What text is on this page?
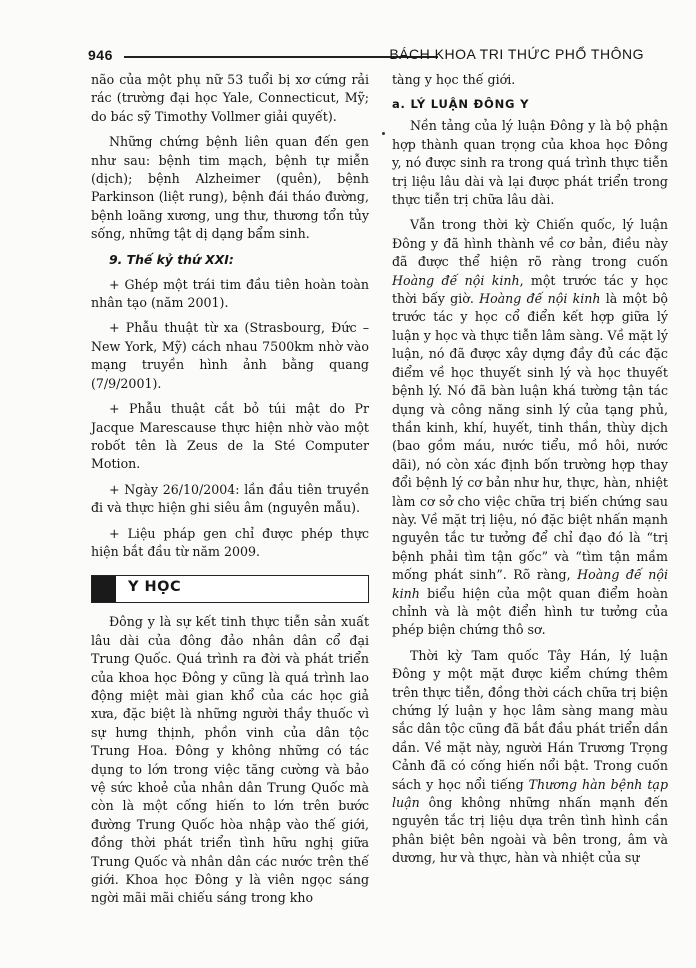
946	BÁCH KHOA TRI THỨC PHỔ THÔNG

não của một phụ nữ 53 tuổi bị xơ cứng rải rác (trường đại học Yale, Connecticut, Mỹ; do bác sỹ Timothy Vollmer giải quyết).

Những chứng bệnh liên quan đến gen như sau: bệnh tim mạch, bệnh tự miễn (dịch); bệnh Alzheimer (quên), bệnh Parkinson (liệt rung), bệnh đái tháo đường, bệnh loãng xương, ung thư, thương tổn tủy sống, những tật dị dạng bẩm sinh.

9. Thế kỷ thứ XXI:

+ Ghép một trái tim đầu tiên hoàn toàn nhân tạo (năm 2001).

+ Phẫu thuật từ xa (Strasbourg, Đức – New York, Mỹ) cách nhau 7500km nhờ vào mạng truyền hình ảnh bằng quang (7/9/2001).

+ Phẫu thuật cắt bỏ túi mật do Pr Jacque Marescause thực hiện nhờ vào một robốt tên là Zeus de la Sté Computer Motion.

+ Ngày 26/10/2004: lần đầu tiên truyền đi và thực hiện ghi siêu âm (nguyên mẫu).

+ Liệu pháp gen chỉ được phép thực hiện bắt đầu từ năm 2009.

Y HỌC

Đông y là sự kết tinh thực tiễn sản xuất lâu dài của đông đảo nhân dân cổ đại Trung Quốc. Quá trình ra đời và phát triển của khoa học Đông y cũng là quá trình lao động miệt mài gian khổ của các học giả xưa, đặc biệt là những người thầy thuốc vì sự hưng thịnh, phồn vinh của dân tộc Trung Hoa. Đông y không những có tác dụng to lớn trong việc tăng cường và bảo vệ sức khoẻ của nhân dân Trung Quốc mà còn là một cống hiến to lớn trên bước đường Trung Quốc hòa nhập vào thế giới, đồng thời phát triển tình hữu nghị giữa Trung Quốc và nhân dân các nước trên thế giới. Khoa học Đông y là viên ngọc sáng ngời mãi mãi chiếu sáng trong kho

tàng y học thế giới.

a. LÝ LUẬN ĐÔNG Y

Nền tảng của lý luận Đông y là bộ phận hợp thành quan trọng của khoa học Đông y, nó được sinh ra trong quá trình thực tiễn trị liệu lâu dài và lại được phát triển trong thực tiễn trị chữa lâu dài.

Vẫn trong thời kỳ Chiến quốc, lý luận Đông y đã hình thành về cơ bản, điều này đã được thể hiện rõ ràng trong cuốn Hoàng đế nội kinh, một trước tác y học thời bấy giờ. Hoàng đế nội kinh là một bộ trước tác y học cổ điển kết hợp giữa lý luận y học và thực tiễn lâm sàng. Về mặt lý luận, nó đã được xây dựng đầy đủ các đặc điểm về học thuyết sinh lý và học thuyết bệnh lý. Nó đã bàn luận khá tường tận tác dụng và công năng sinh lý của tạng phủ, thần kinh, khí, huyết, tinh thần, thùy dịch (bao gồm máu, nước tiểu, mồ hôi, nước dãi), nó còn xác định bốn trường hợp thay đổi bệnh lý cơ bản như hư, thực, hàn, nhiệt làm cơ sở cho việc chữa trị biến chứng sau này. Về mặt trị liệu, nó đặc biệt nhấn mạnh nguyên tắc tư tưởng để chỉ đạo đó là “trị bệnh phải tìm tận gốc” và “tìm tận mầm mống phát sinh”. Rõ ràng, Hoàng đế nội kinh biểu hiện của một quan điểm hoàn chỉnh và là một điển hình tư tưởng của phép biện chứng thô sơ.

Thời kỳ Tam quốc Tây Hán, lý luận Đông y một mặt được kiểm chứng thêm trên thực tiễn, đồng thời cách chữa trị biện chứng lý luận y học lâm sàng mang màu sắc dân tộc cũng đã bắt đầu phát triển dần dần. Về mặt này, người Hán Trương Trọng Cảnh đã có cống hiến nổi bật. Trong cuốn sách y học nổi tiếng Thương hàn bệnh tạp luận ông không những nhấn mạnh đến nguyên tắc trị liệu dựa trên tình hình cần phân biệt bên ngoài và bên trong, âm và dương, hư và thực, hàn và nhiệt của sự
